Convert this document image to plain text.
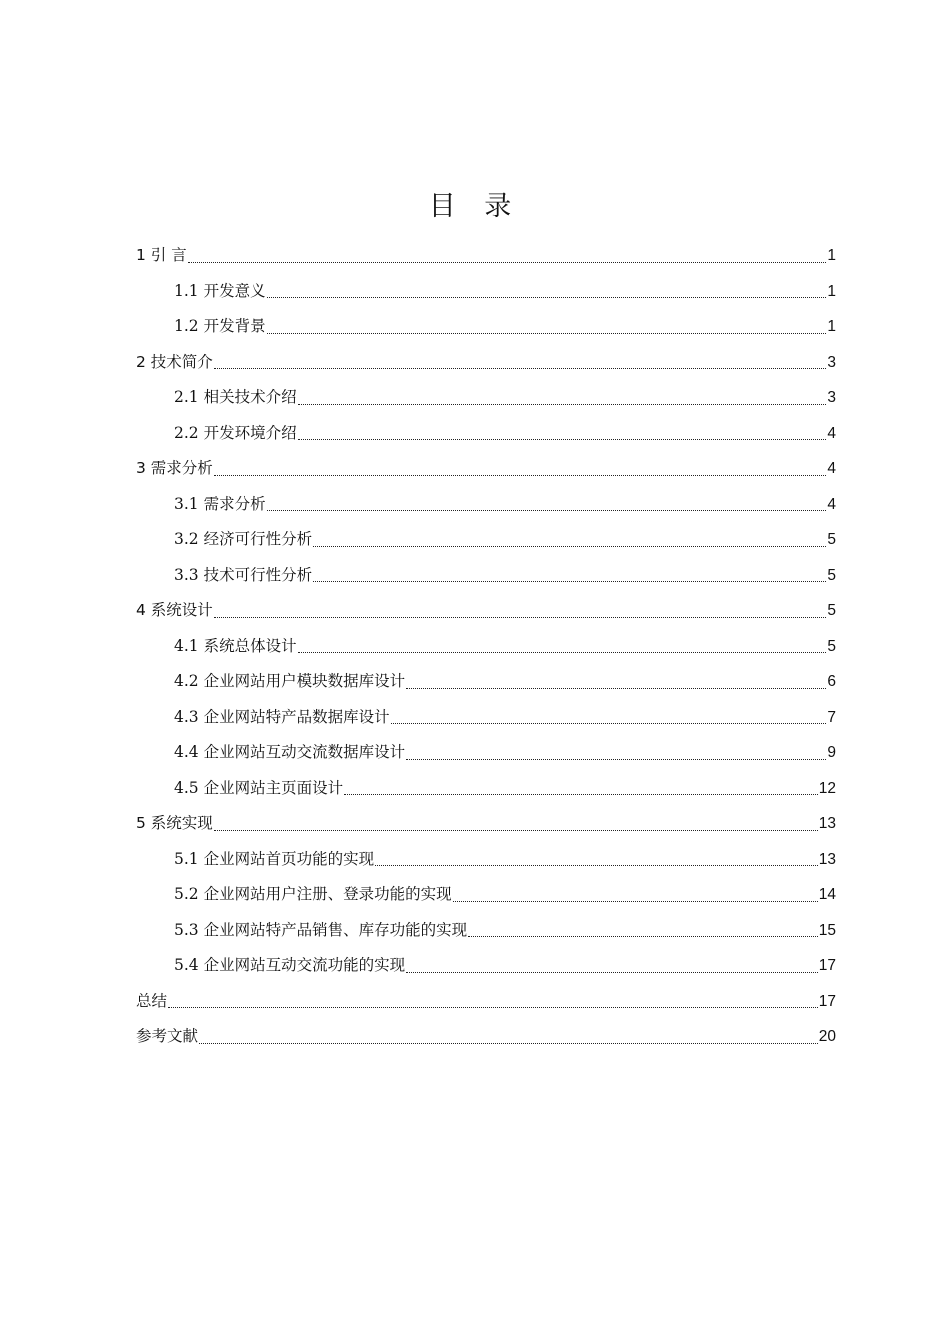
目 录
1 引 言	1
1.1 开发意义	1
1.2 开发背景	1
2 技术简介	3
2.1 相关技术介绍	3
2.2 开发环境介绍	4
3 需求分析	4
3.1 需求分析	4
3.2 经济可行性分析	5
3.3 技术可行性分析	5
4 系统设计	5
4.1 系统总体设计	5
4.2 企业网站用户模块数据库设计	6
4.3 企业网站特产品数据库设计	7
4.4 企业网站互动交流数据库设计	9
4.5 企业网站主页面设计	12
5 系统实现	13
5.1 企业网站首页功能的实现	13
5.2 企业网站用户注册、登录功能的实现	14
5.3 企业网站特产品销售、库存功能的实现	15
5.4 企业网站互动交流功能的实现	17
总结	17
参考文献	20
